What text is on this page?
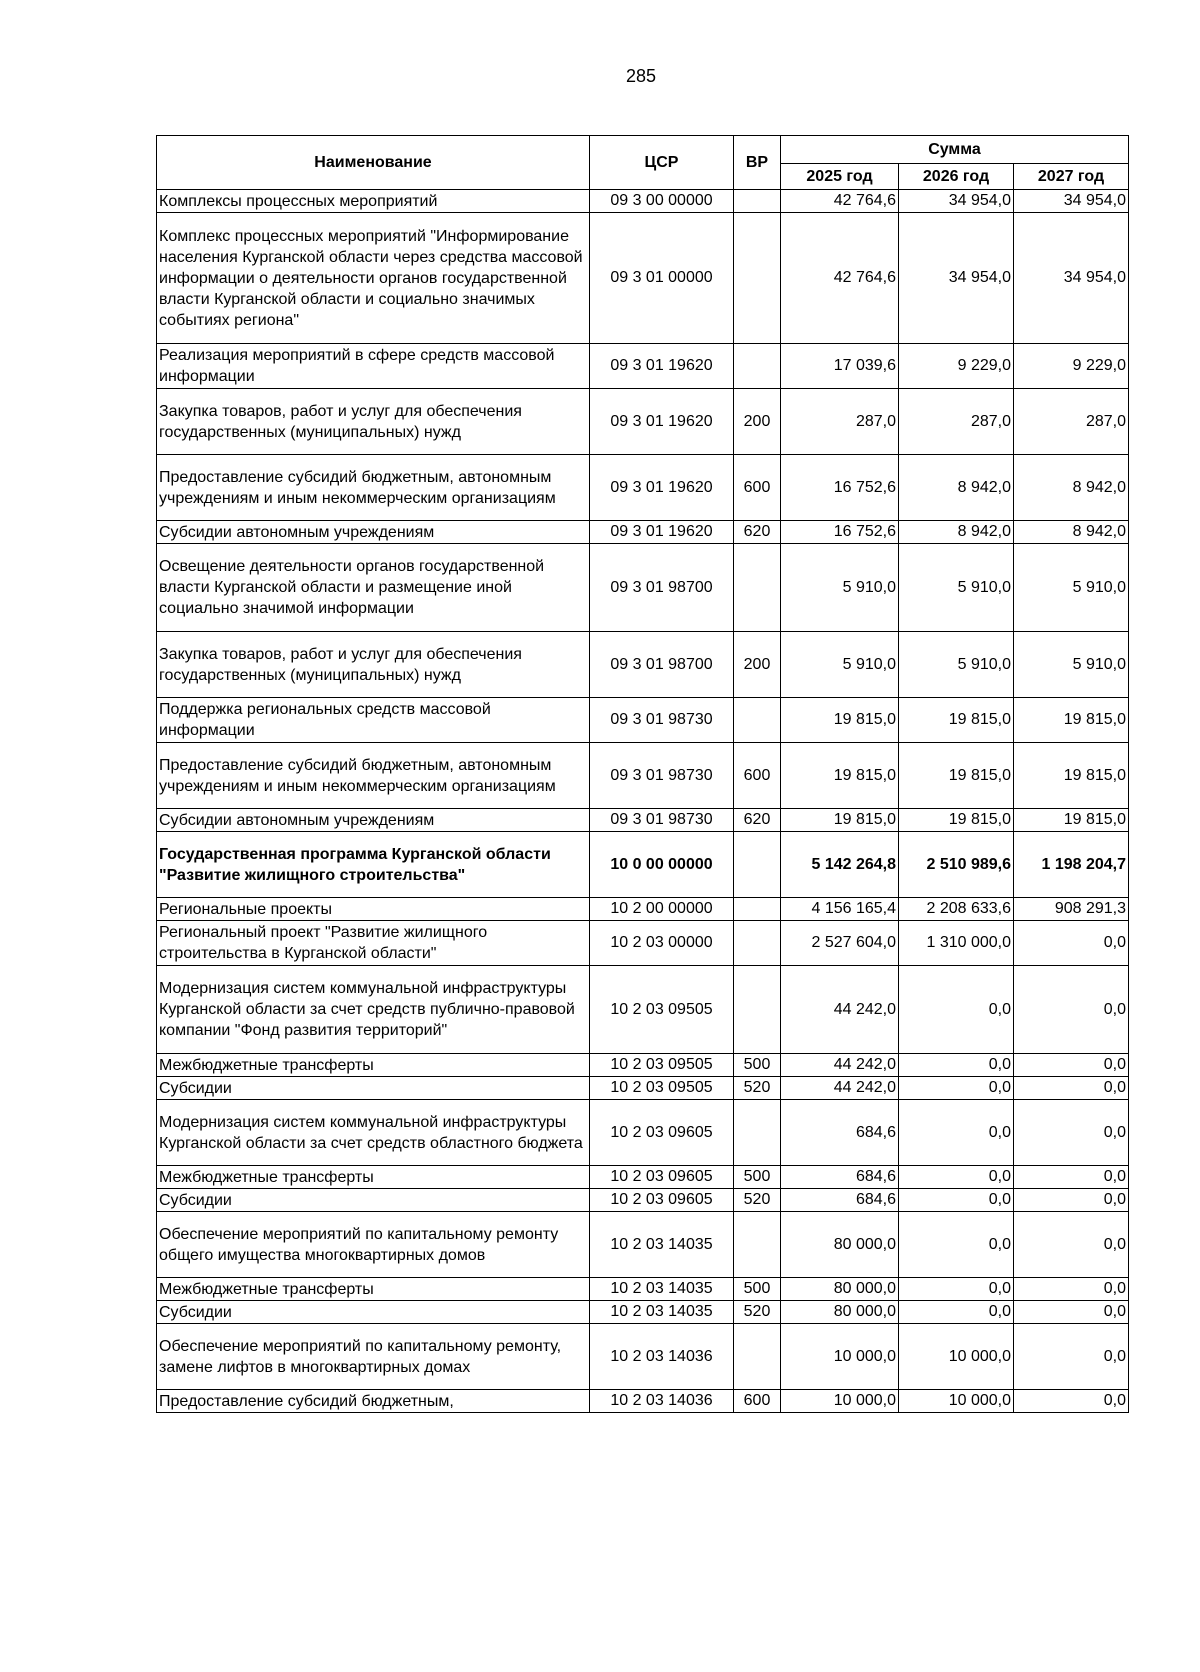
285
Наименование	ЦСР	ВР	Сумма		
			2025 год	2026 год	2027 год
Комплексы процессных мероприятий	09 3 00 00000		42 764,6	34 954,0	34 954,0
Комплекс процессных мероприятий "Информирование населения Курганской области через средства массовой информации о деятельности органов государственной власти Курганской области и социально значимых событиях региона"	09 3 01 00000		42 764,6	34 954,0	34 954,0
Реализация мероприятий в сфере средств массовой информации	09 3 01 19620		17 039,6	9 229,0	9 229,0
Закупка товаров, работ и услуг для обеспечения государственных (муниципальных) нужд	09 3 01 19620	200	287,0	287,0	287,0
Предоставление субсидий бюджетным, автономным учреждениям и иным некоммерческим организациям	09 3 01 19620	600	16 752,6	8 942,0	8 942,0
Субсидии автономным учреждениям	09 3 01 19620	620	16 752,6	8 942,0	8 942,0
Освещение деятельности органов государственной власти Курганской области и размещение иной социально значимой информации	09 3 01 98700		5 910,0	5 910,0	5 910,0
Закупка товаров, работ и услуг для обеспечения государственных (муниципальных) нужд	09 3 01 98700	200	5 910,0	5 910,0	5 910,0
Поддержка региональных средств массовой информации	09 3 01 98730		19 815,0	19 815,0	19 815,0
Предоставление субсидий бюджетным, автономным учреждениям и иным некоммерческим организациям	09 3 01 98730	600	19 815,0	19 815,0	19 815,0
Субсидии автономным учреждениям	09 3 01 98730	620	19 815,0	19 815,0	19 815,0
Государственная программа Курганской области "Развитие жилищного строительства"	10 0 00 00000		5 142 264,8	2 510 989,6	1 198 204,7
Региональные проекты	10 2 00 00000		4 156 165,4	2 208 633,6	908 291,3
Региональный проект "Развитие жилищного строительства в Курганской области"	10 2 03 00000		2 527 604,0	1 310 000,0	0,0
Модернизация систем коммунальной инфраструктуры Курганской области за счет средств публично-правовой компании "Фонд развития территорий"	10 2 03 09505		44 242,0	0,0	0,0
Межбюджетные трансферты	10 2 03 09505	500	44 242,0	0,0	0,0
Субсидии	10 2 03 09505	520	44 242,0	0,0	0,0
Модернизация систем коммунальной инфраструктуры Курганской области за счет средств областного бюджета	10 2 03 09605		684,6	0,0	0,0
Межбюджетные трансферты	10 2 03 09605	500	684,6	0,0	0,0
Субсидии	10 2 03 09605	520	684,6	0,0	0,0
Обеспечение мероприятий по капитальному ремонту общего имущества многоквартирных домов	10 2 03 14035		80 000,0	0,0	0,0
Межбюджетные трансферты	10 2 03 14035	500	80 000,0	0,0	0,0
Субсидии	10 2 03 14035	520	80 000,0	0,0	0,0
Обеспечение мероприятий по капитальному ремонту, замене лифтов в многоквартирных домах	10 2 03 14036		10 000,0	10 000,0	0,0
Предоставление субсидий бюджетным,	10 2 03 14036	600	10 000,0	10 000,0	0,0
